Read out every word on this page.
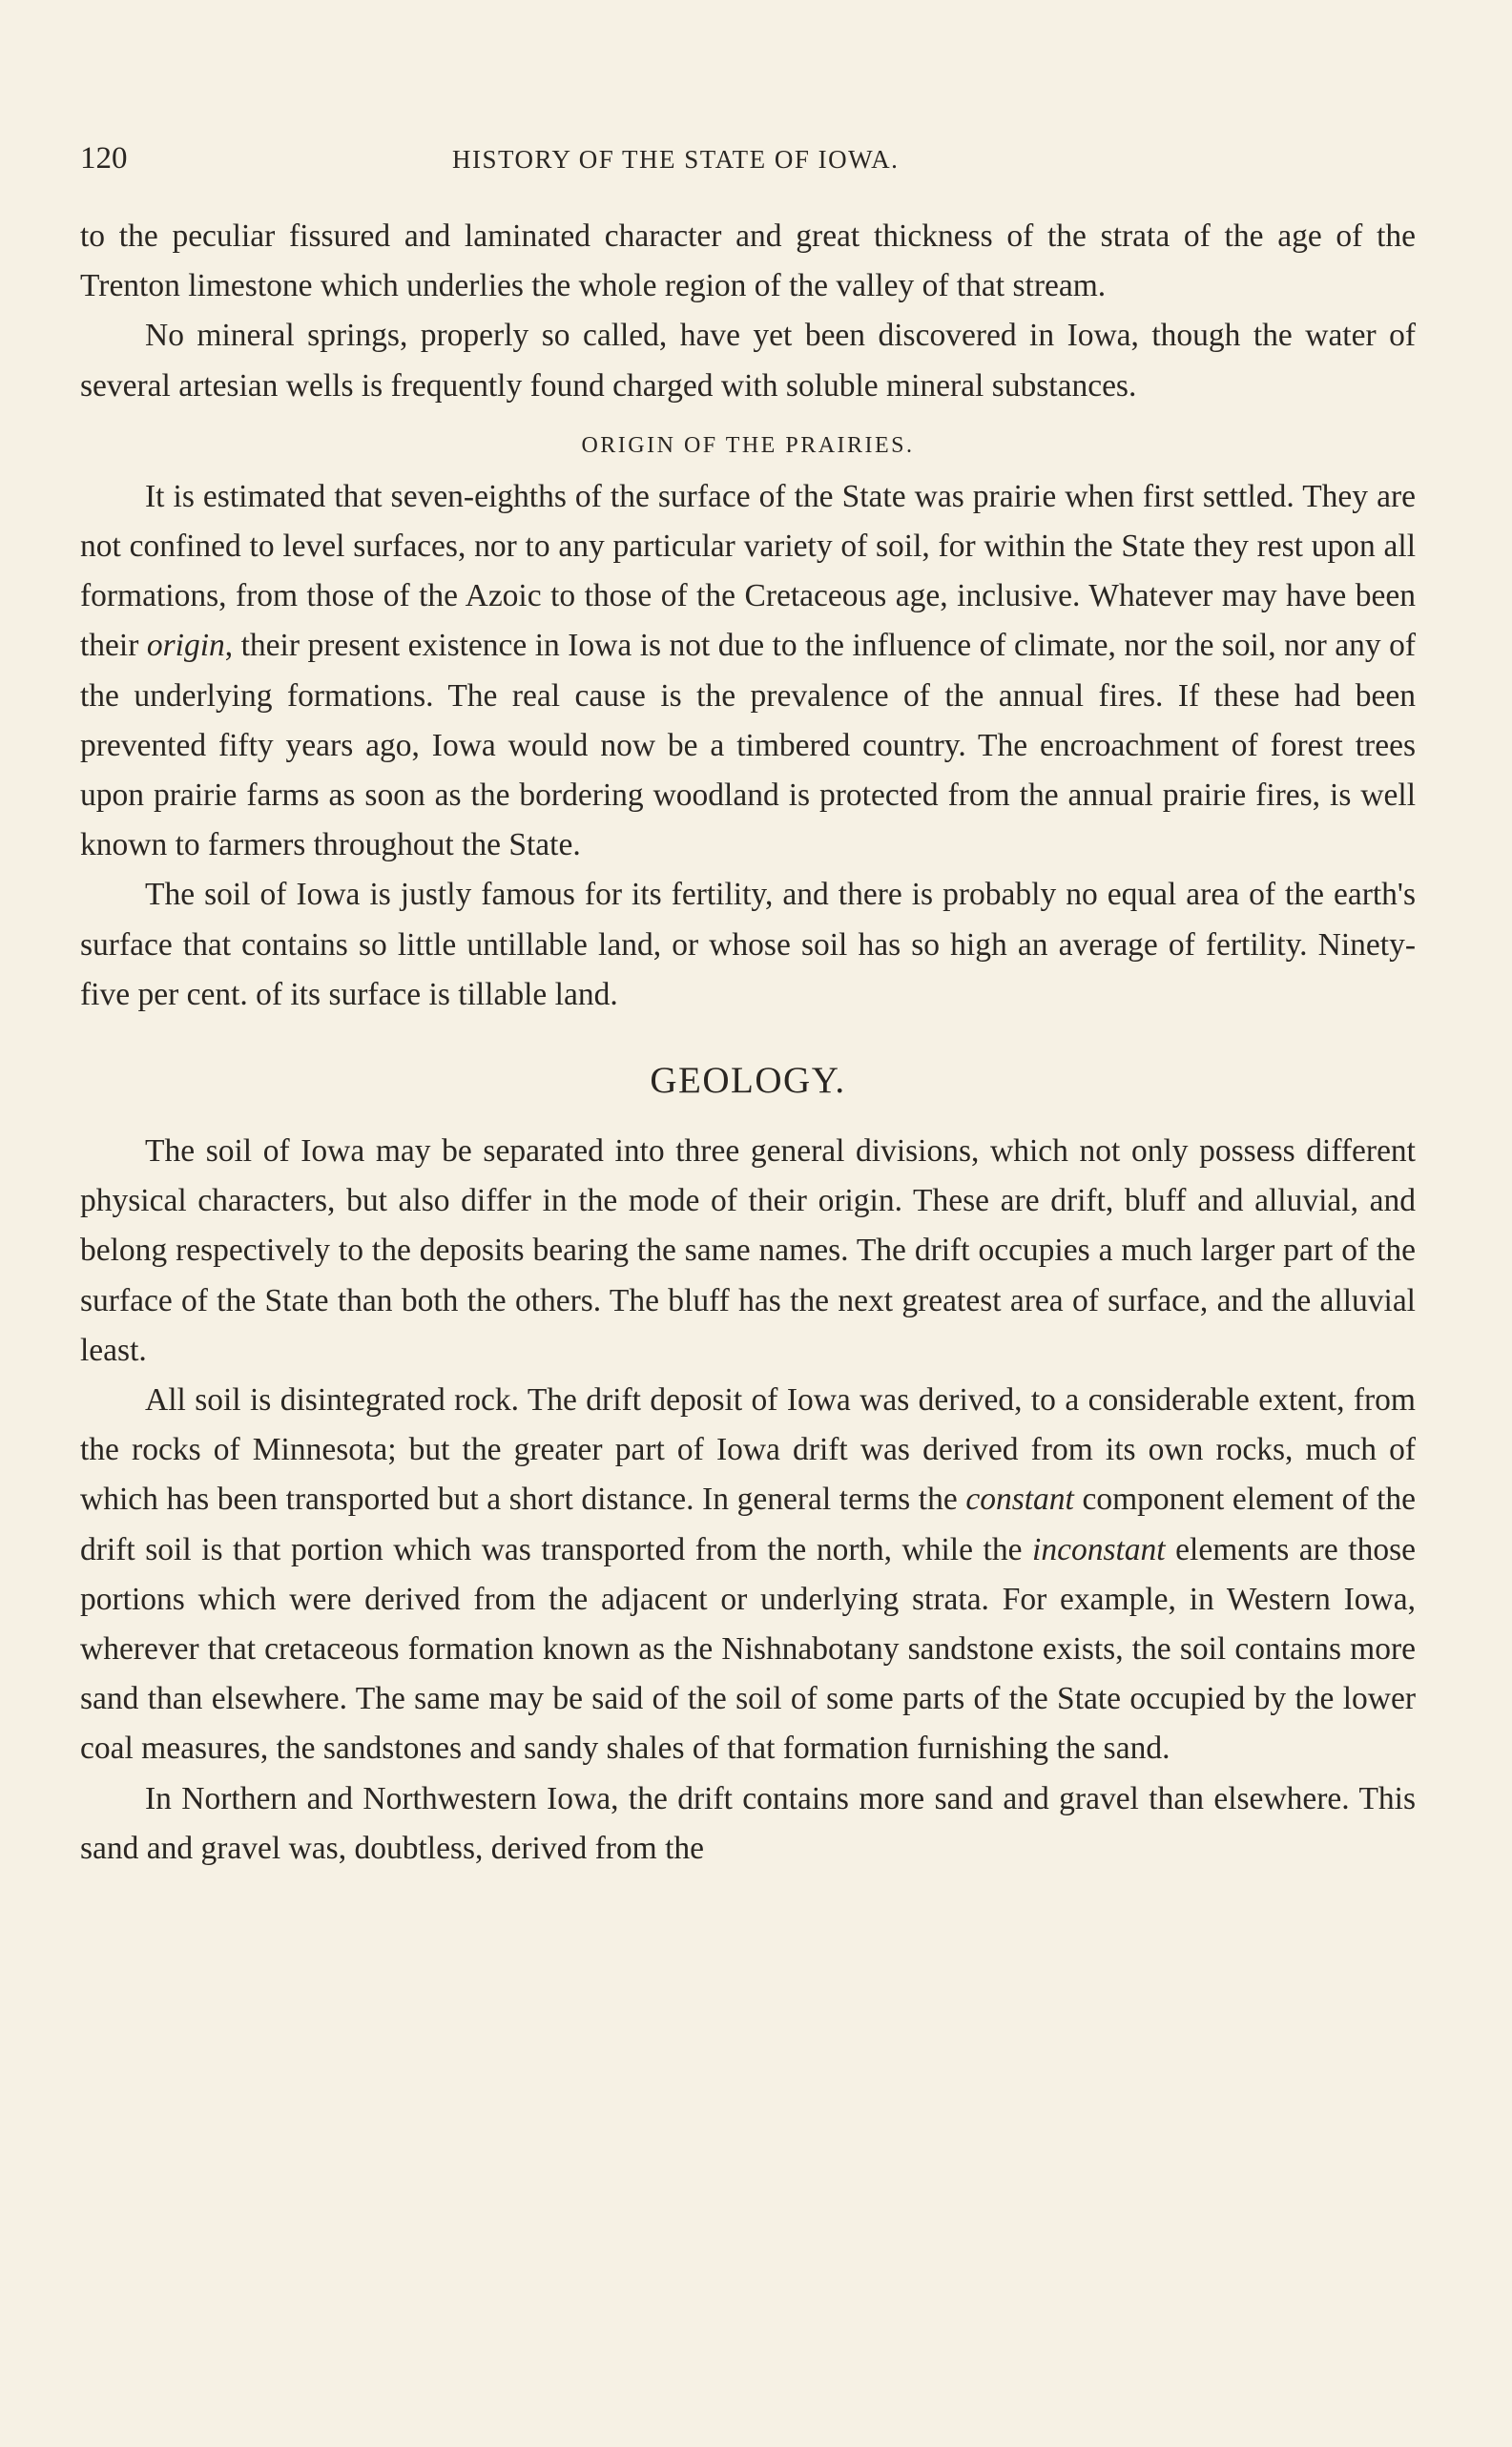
120	HISTORY OF THE STATE OF IOWA.

to the peculiar fissured and laminated character and great thickness of the strata of the age of the Trenton limestone which underlies the whole region of the valley of that stream.

No mineral springs, properly so called, have yet been discovered in Iowa, though the water of several artesian wells is frequently found charged with soluble mineral substances.

ORIGIN OF THE PRAIRIES.

It is estimated that seven-eighths of the surface of the State was prairie when first settled. They are not confined to level surfaces, nor to any particular variety of soil, for within the State they rest upon all formations, from those of the Azoic to those of the Cretaceous age, inclusive. Whatever may have been their origin, their present existence in Iowa is not due to the influence of climate, nor the soil, nor any of the underlying formations. The real cause is the prevalence of the annual fires. If these had been prevented fifty years ago, Iowa would now be a timbered country. The encroachment of forest trees upon prairie farms as soon as the bordering woodland is protected from the annual prairie fires, is well known to farmers throughout the State.

The soil of Iowa is justly famous for its fertility, and there is probably no equal area of the earth's surface that contains so little untillable land, or whose soil has so high an average of fertility. Ninety-five per cent. of its surface is tillable land.

GEOLOGY.

The soil of Iowa may be separated into three general divisions, which not only possess different physical characters, but also differ in the mode of their origin. These are drift, bluff and alluvial, and belong respectively to the deposits bearing the same names. The drift occupies a much larger part of the surface of the State than both the others. The bluff has the next greatest area of surface, and the alluvial least.

All soil is disintegrated rock. The drift deposit of Iowa was derived, to a considerable extent, from the rocks of Minnesota; but the greater part of Iowa drift was derived from its own rocks, much of which has been transported but a short distance. In general terms the constant component element of the drift soil is that portion which was transported from the north, while the inconstant elements are those portions which were derived from the adjacent or underlying strata. For example, in Western Iowa, wherever that cretaceous formation known as the Nishnabotany sandstone exists, the soil contains more sand than elsewhere. The same may be said of the soil of some parts of the State occupied by the lower coal measures, the sandstones and sandy shales of that formation furnishing the sand.

In Northern and Northwestern Iowa, the drift contains more sand and gravel than elsewhere. This sand and gravel was, doubtless, derived from the
